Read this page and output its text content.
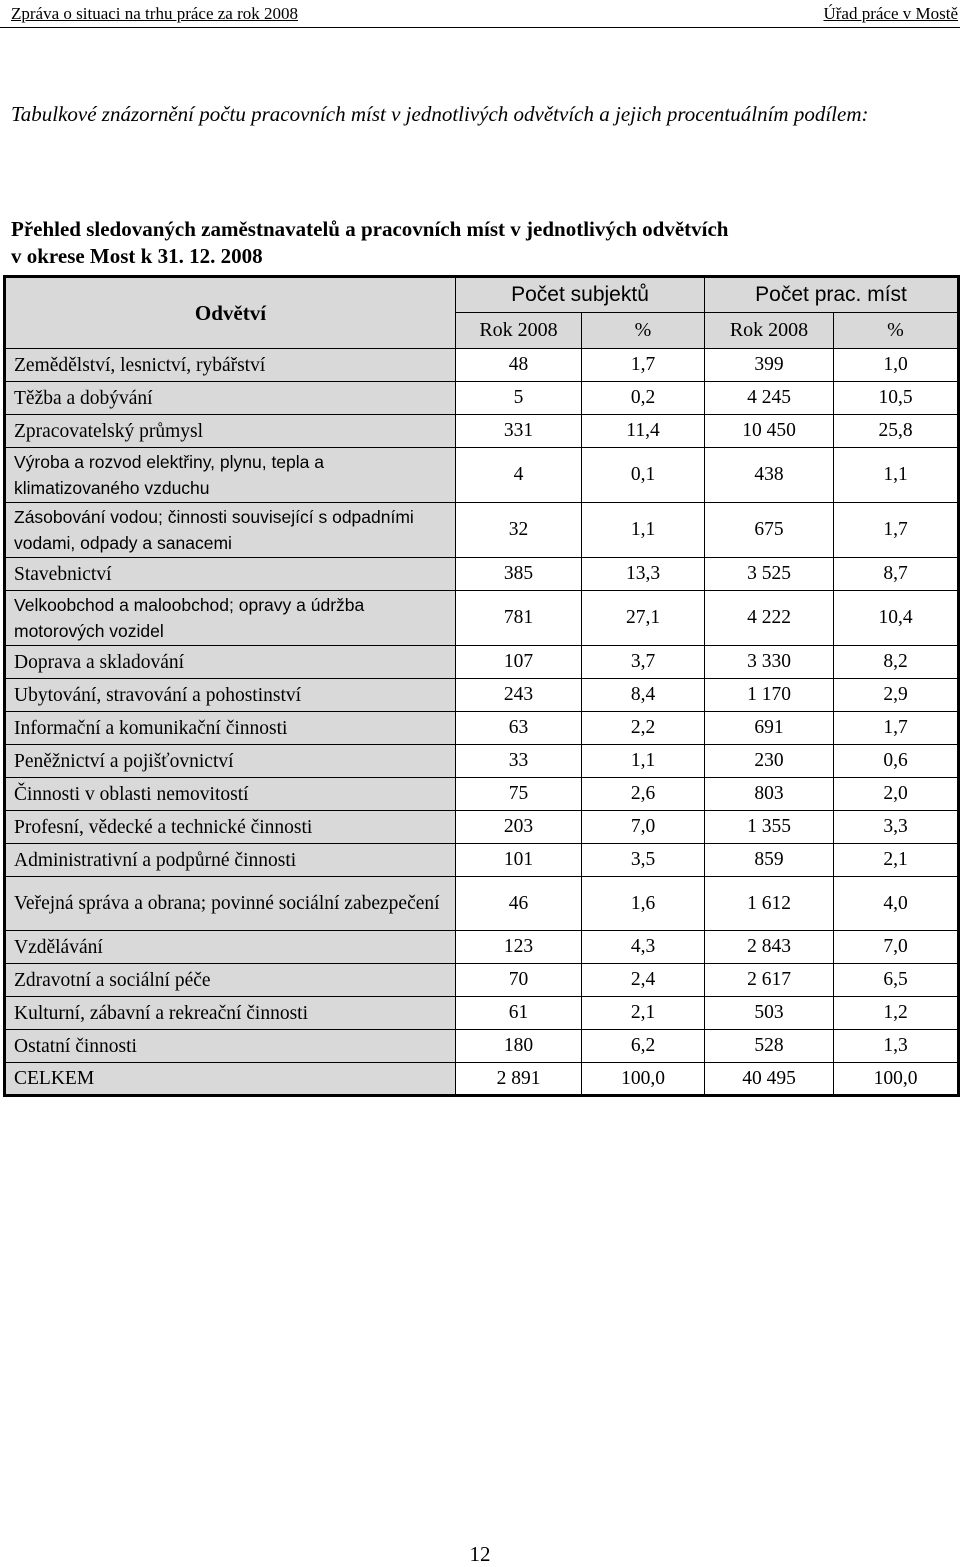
Zpráva o situaci na trhu práce za rok 2008	Úřad práce v Mostě
Tabulkové znázornění počtu pracovních míst v jednotlivých odvětvích a jejich procentuálním podílem:
Přehled sledovaných zaměstnavatelů a pracovních míst v jednotlivých odvětvích
v okrese Most k 31. 12. 2008
Odvětví	Počet subjektů		Počet prac. míst	
	Rok 2008	%	Rok 2008	%
Zemědělství, lesnictví, rybářství	48	1,7	399	1,0
Těžba a dobývání	5	0,2	4 245	10,5
Zpracovatelský průmysl	331	11,4	10 450	25,8
Výroba a rozvod elektřiny, plynu, tepla a klimatizovaného vzduchu	4	0,1	438	1,1
Zásobování vodou; činnosti související s odpadními vodami, odpady a sanacemi	32	1,1	675	1,7
Stavebnictví	385	13,3	3 525	8,7
Velkoobchod a maloobchod; opravy a údržba motorových vozidel	781	27,1	4 222	10,4
Doprava a skladování	107	3,7	3 330	8,2
Ubytování, stravování a pohostinství	243	8,4	1 170	2,9
Informační a komunikační činnosti	63	2,2	691	1,7
Peněžnictví a pojišťovnictví	33	1,1	230	0,6
Činnosti v oblasti nemovitostí	75	2,6	803	2,0
Profesní, vědecké a technické činnosti	203	7,0	1 355	3,3
Administrativní a podpůrné činnosti	101	3,5	859	2,1
Veřejná správa a obrana; povinné sociální zabezpečení	46	1,6	1 612	4,0
Vzdělávání	123	4,3	2 843	7,0
Zdravotní a sociální péče	70	2,4	2 617	6,5
Kulturní, zábavní a rekreační činnosti	61	2,1	503	1,2
Ostatní činnosti	180	6,2	528	1,3
CELKEM	2 891	100,0	40 495	100,0
12
